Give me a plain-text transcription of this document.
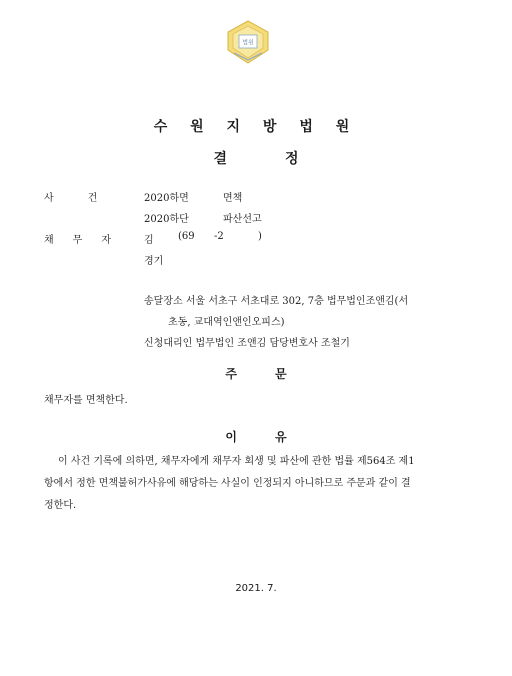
법원
수 원 지 방 법 원
결	정
사	건	2020하면	면책
2020하단	파산선고
채 무 자	김 (69 -2	)
경기
송달장소 서울 서초구 서초대로 302, 7층 법무법인조앤김(서
초동, 교대역인앤인오피스)
신청대리인 법무법인 조앤김 담당변호사 조철기
주	문
채무자를 면책한다.
이	유
이 사건 기록에 의하면, 채무자에게 채무자 회생 및 파산에 관한 법률 제564조 제1
항에서 정한 면책불허가사유에 해당하는 사실이 인정되지 아니하므로 주문과 같이 결
정한다.
2021. 7.
